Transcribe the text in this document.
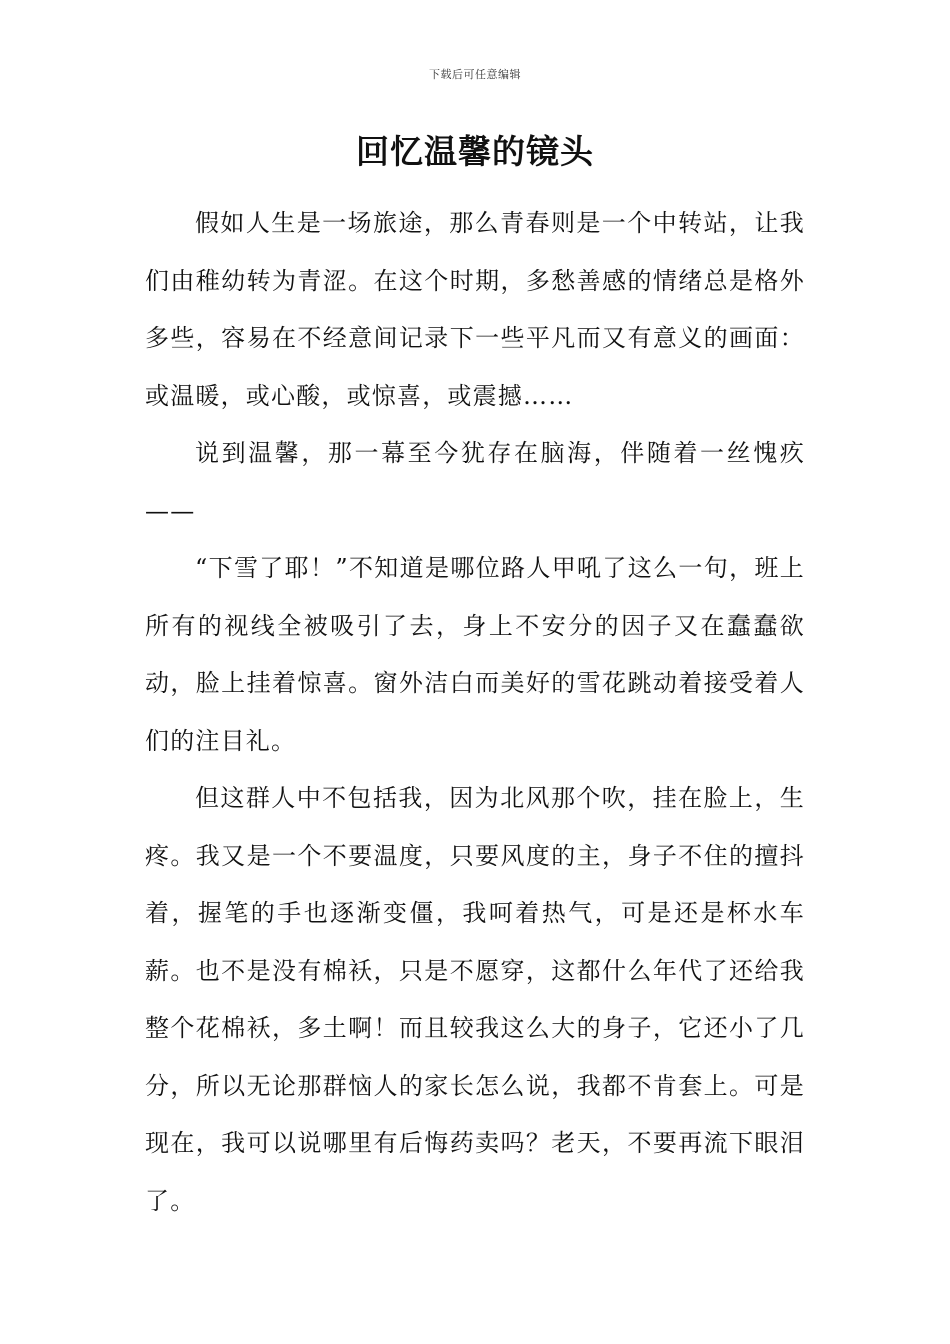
下载后可任意编辑
回忆温馨的镜头

假如人生是一场旅途，那么青春则是一个中转站，让我们由稚幼转为青涩。在这个时期，多愁善感的情绪总是格外多些，容易在不经意间记录下一些平凡而又有意义的画面：或温暖，或心酸，或惊喜，或震撼……

说到温馨，那一幕至今犹存在脑海，伴随着一丝愧疚——

“下雪了耶！”不知道是哪位路人甲吼了这么一句，班上所有的视线全被吸引了去，身上不安分的因子又在蠢蠢欲动，脸上挂着惊喜。窗外洁白而美好的雪花跳动着接受着人们的注目礼。

但这群人中不包括我，因为北风那个吹，挂在脸上，生疼。我又是一个不要温度，只要风度的主，身子不住的擅抖着，握笔的手也逐渐变僵，我呵着热气，可是还是杯水车薪。也不是没有棉袄，只是不愿穿，这都什么年代了还给我整个花棉袄，多土啊！而且较我这么大的身子，它还小了几分，所以无论那群恼人的家长怎么说，我都不肯套上。可是现在，我可以说哪里有后悔药卖吗？老天，不要再流下眼泪了。
